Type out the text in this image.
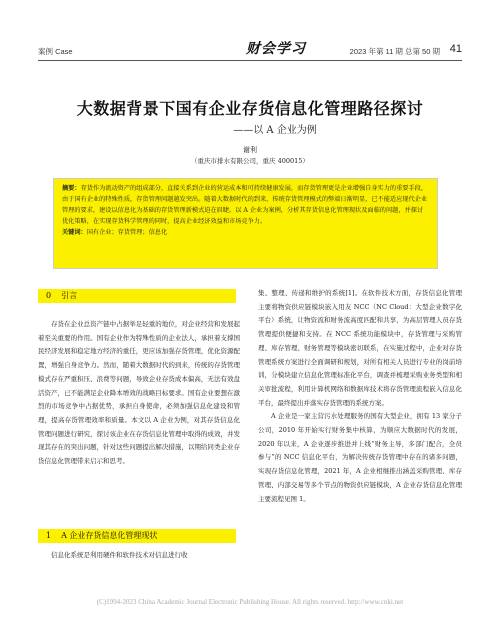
案例 Case	财会学习	2023 年第 11 期 总第 50 期 41
大数据背景下国有企业存货信息化管理路径探讨
——以 A 企业为例
谢利
（重庆市排水有限公司，重庆 400015）
摘要：存货作为流动资产的组成部分，直接关系到企业的营运成本和可持续健康发展，而存货管理更是企业增强自身实力的重要手段，由于国有企业的特殊性质，存货管理问题越发突出。随着大数据时代的到来，传统存货管理模式的弊端日渐明显，已不能适应现代企业管理的要求，建设以信息化为基础的存货管理新模式迫在眉睫。以 A 企业为案例，分析其存货信息化管理现状及面临的问题，并探讨优化策略，在实现存货科学管理的同时，提高企业经济效益和市场竞争力。
关键词：国有企业；存货管理；信息化
0 引言

存货在企业总资产链中占据举足轻重的地位，对企业经营和发展起着至关重要的作用。国有企业作为特殊性质的企业法人，承担着支撑国民经济发展和稳定地方经济的重任，更应该加强存货管理，优化资源配置，增强自身竞争力。然而，随着大数据时代的到来，传统的存货管理模式存在严重积压、浪费等问题，导致企业存货成本偏高，无法有效盘活资产，已不能满足企业降本增效的战略目标要求。国有企业要想在激烈的市场竞争中占据优势，承担自身使命，必须加强信息化建设和管理，提高存货管理效率和质量。本文以 A 企业为例，对其存货信息化管理问题进行研究，探讨该企业在存货信息化管理中取得的成效，并发现其存在的突出问题，针对这些问题提出解决措施，以期给同类企业存货信息化管理带来启示和思考。

1 A 企业存货信息化管理现状

信息化系统是利用硬件和软件技术对信息进行收

集、整理、传递和维护的系统[1]。在软件技术方面，存货信息化管理主要将物资供应链模块嵌入用友 NCC（NC Cloud：大型企业数字化平台）系统，让物资流和财务流高度匹配和共享，为高层管理人员存货管理提供便捷和支持。在 NCC 系统功能模块中，存货管理与采购管理、库存管理、财务管理等模块密切联系，在实施过程中，企业对存货管理系统方案进行全面调研和规划，对所有相关人员进行专业的岗前培训，分模块建立信息化管理标准化平台，调查并梳理采购业务类型和相关审批流程，利用计算机网络和数据库技术将存货管理流程嵌入信息化平台，最终提出并落实存货管理的系统方案。

A 企业是一家主营污水处理服务的国有大型企业，拥有 13 家分子公司，2010 年开始实行财务集中核算，为顺应大数据时代的发展，2020 年以来，A 企业逐步推进并上线“财务主导，多部门配合，全员参与”的 NCC 信息化平台，为解决传统存货管理中存在的诸多问题，实现存货信息化管理，2021 年，A 企业相继推出涵盖采购管理、库存管理、内部交易等多个节点的物资供应链模块，A 企业存货信息化管理主要流程见图 1。

(C)1994-2023 China Academic Journal Electronic Publishing House. All rights reserved. http://www.cnki.net
